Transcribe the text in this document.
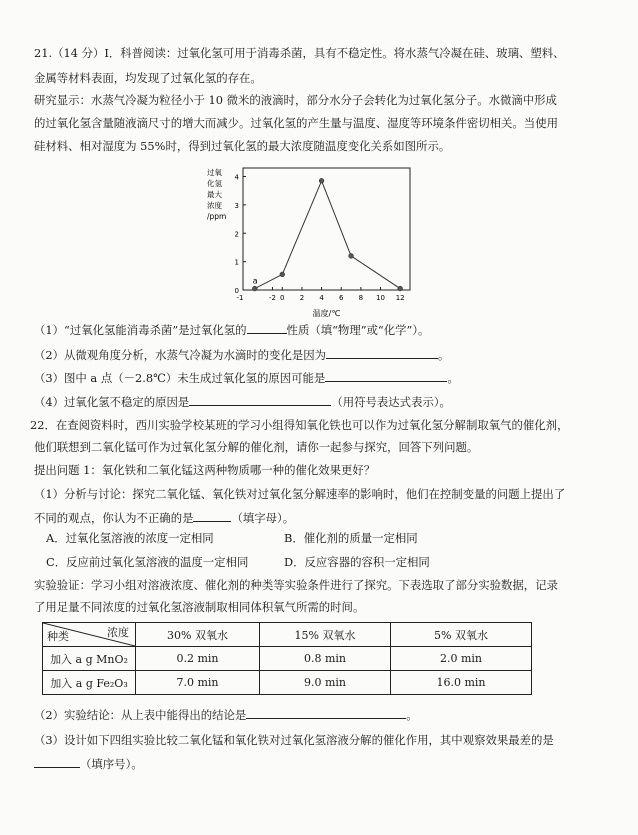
21.（14 分）Ⅰ．科普阅读：过氧化氢可用于消毒杀菌，具有不稳定性。将水蒸气冷凝在硅、玻璃、塑料、
金属等材料表面，均发现了过氧化氢的存在。
研究显示：水蒸气冷凝为粒径小于 10 微米的液滴时，部分水分子会转化为过氧化氢分子。水微滴中形成
的过氧化氢含量随液滴尺寸的增大而减少。过氧化氢的产生量与温度、湿度等环境条件密切相关。当使用
硅材料、相对湿度为 55%时，得到过氧化氢的最大浓度随温度变化关系如图所示。
0
1
2
3
4
-2 0 2 4 6 8 10 12
-1
过氧
化氢
最大
浓度
/ppm
温度/℃
a
（1）“过氧化氢能消毒杀菌”是过氧化氢的	性质（填“物理”或“化学”）。
（2）从微观角度分析，水蒸气冷凝为水滴时的变化是因为	。
（3）图中 a 点（－2.8℃）未生成过氧化氢的原因可能是	。
（4）过氧化氢不稳定的原因是	（用符号表达式表示）。
22．在查阅资料时，西川实验学校某班的学习小组得知氧化铁也可以作为过氧化氢分解制取氧气的催化剂，
他们联想到二氧化锰可作为过氧化氢分解的催化剂，请你一起参与探究，回答下列问题。
提出问题 1：氧化铁和二氧化锰这两种物质哪一种的催化效果更好？
（1）分析与讨论：探究二氧化锰、氧化铁对过氧化氢分解速率的影响时，他们在控制变量的问题上提出了
不同的观点，你认为不正确的是	（填字母）。
A．过氧化氢溶液的浓度一定相同	B．催化剂的质量一定相同
C．反应前过氧化氢溶液的温度一定相同	D．反应容器的容积一定相同
实验验证：学习小组对溶液浓度、催化剂的种类等实验条件进行了探究。下表选取了部分实验数据，记录
了用足量不同浓度的过氧化氢溶液制取相同体积氧气所需的时间。
种类 浓度	30% 双氧水	15% 双氧水	5% 双氧水
加入 a g MnO₂	0.2 min	0.8 min	2.0 min
加入 a g Fe₂O₃	7.0 min	9.0 min	16.0 min
（2）实验结论：从上表中能得出的结论是	。
（3）设计如下四组实验比较二氧化锰和氧化铁对过氧化氢溶液分解的催化作用，其中观察效果最差的是
（填序号）。
